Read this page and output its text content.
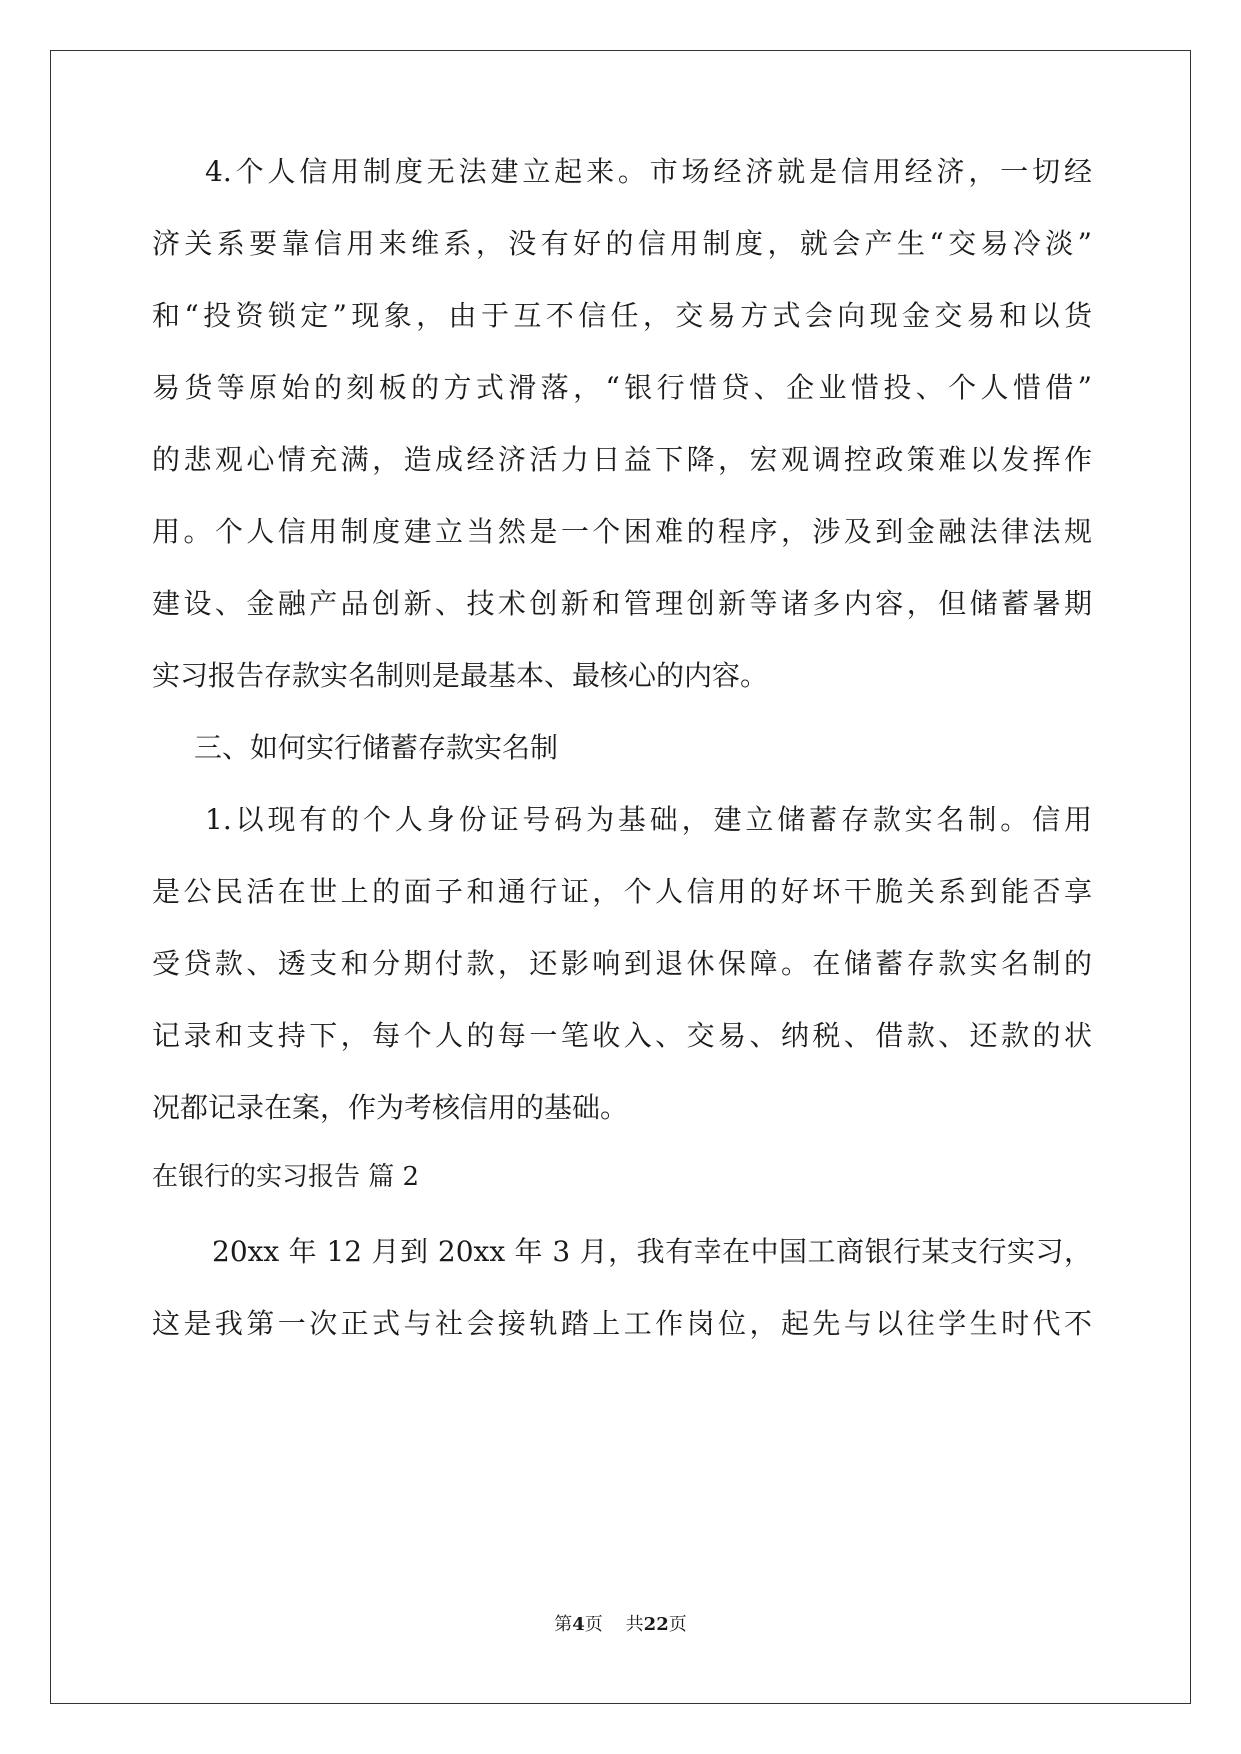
4.个人信用制度无法建立起来。市场经济就是信用经济，一切经
济关系要靠信用来维系，没有好的信用制度，就会产生“交易冷淡”
和“投资锁定”现象，由于互不信任，交易方式会向现金交易和以货
易货等原始的刻板的方式滑落，“银行惜贷、企业惜投、个人惜借”
的悲观心情充满，造成经济活力日益下降，宏观调控政策难以发挥作
用。个人信用制度建立当然是一个困难的程序，涉及到金融法律法规
建设、金融产品创新、技术创新和管理创新等诸多内容，但储蓄暑期
实习报告存款实名制则是最基本、最核心的内容。
三、如何实行储蓄存款实名制
1.以现有的个人身份证号码为基础，建立储蓄存款实名制。信用
是公民活在世上的面子和通行证，个人信用的好坏干脆关系到能否享
受贷款、透支和分期付款，还影响到退休保障。在储蓄存款实名制的
记录和支持下，每个人的每一笔收入、交易、纳税、借款、还款的状
况都记录在案，作为考核信用的基础。
在银行的实习报告 篇 2
20xx 年 12 月到 20xx 年 3 月，我有幸在中国工商银行某支行实习，
这是我第一次正式与社会接轨踏上工作岗位，起先与以往学生时代不
第4页    共22页
